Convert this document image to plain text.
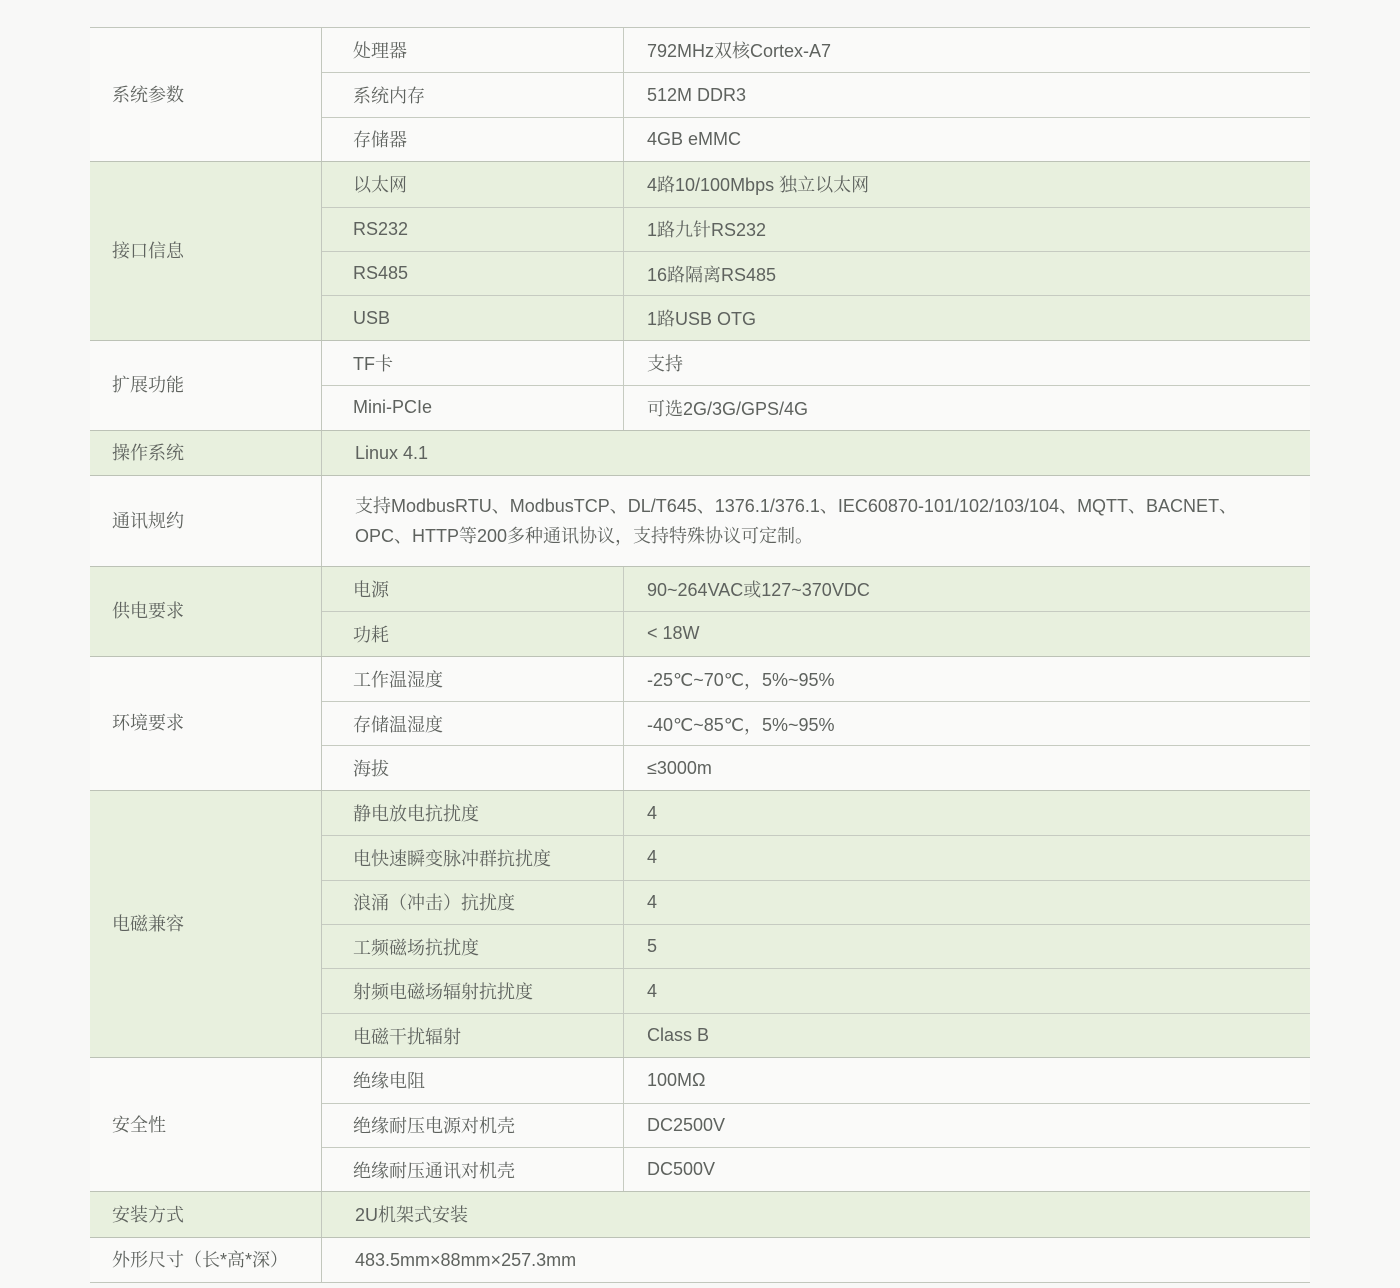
系统参数
处理器	792MHz双核Cortex-A7
系统内存	512M DDR3
存储器	4GB eMMC
接口信息
以太网	4路10/100Mbps 独立以太网
RS232	1路九针RS232
RS485	16路隔离RS485
USB	1路USB OTG
扩展功能
TF卡	支持
Mini-PCIe	可选2G/3G/GPS/4G
操作系统	Linux 4.1
通讯规约
支持ModbusRTU、ModbusTCP、DL/T645、1376.1/376.1、IEC60870-101/102/103/104、MQTT、BACNET、OPC、HTTP等200多种通讯协议，支持特殊协议可定制。
供电要求
电源	90~264VAC或127~370VDC
功耗	< 18W
环境要求
工作温湿度	-25℃~70℃，5%~95%
存储温湿度	-40℃~85℃，5%~95%
海拔	≤3000m
电磁兼容
静电放电抗扰度	4
电快速瞬变脉冲群抗扰度	4
浪涌（冲击）抗扰度	4
工频磁场抗扰度	5
射频电磁场辐射抗扰度	4
电磁干扰辐射	Class B
安全性
绝缘电阻	100MΩ
绝缘耐压电源对机壳	DC2500V
绝缘耐压通讯对机壳	DC500V
安装方式	2U机架式安装
外形尺寸（长*高*深）	483.5mm×88mm×257.3mm
